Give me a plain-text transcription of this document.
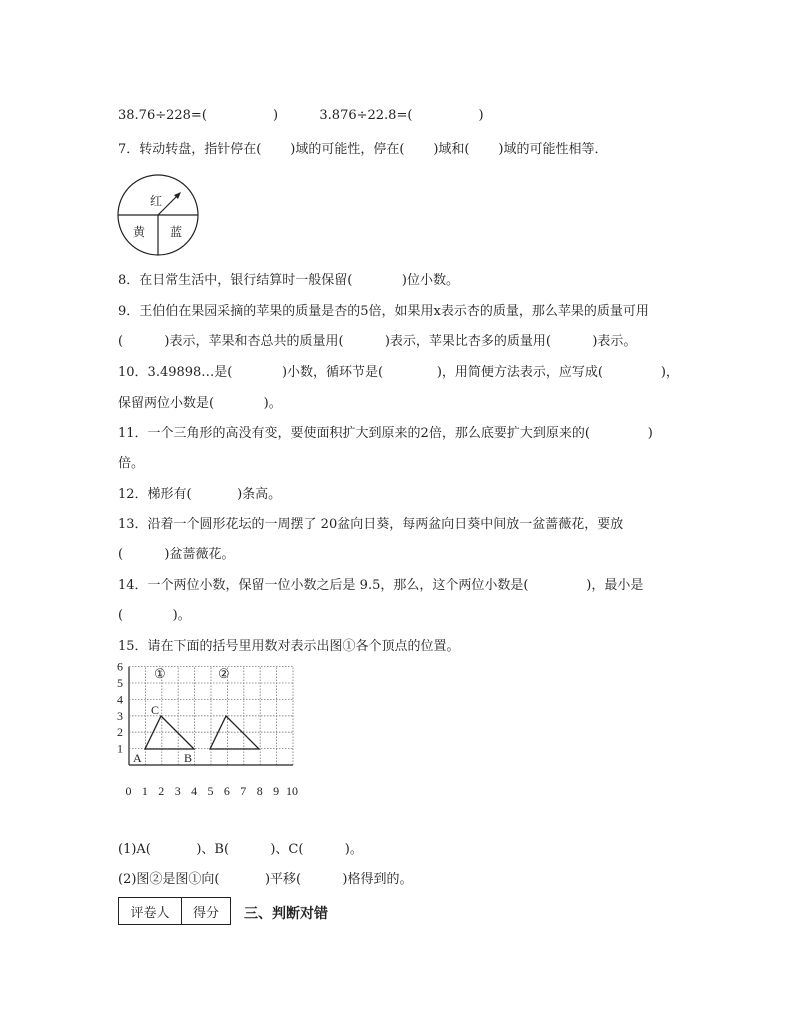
38.76÷228=(                )          3.876÷22.8=(                )
7．转动转盘，指针停在(       )域的可能性，停在(       )域和(       )域的可能性相等．
红
黄 蓝
8．在日常生活中，银行结算时一般保留(            )位小数。
9．王伯伯在果园采摘的苹果的质量是杏的5倍，如果用x表示杏的质量，那么苹果的质量可用
(          )表示，苹果和杏总共的质量用(          )表示，苹果比杏多的质量用(          )表示。
10．3.49898…是(            )小数，循环节是(             )，用简便方法表示，应写成(              )，
保留两位小数是(            )。
11．一个三角形的高没有变，要使面积扩大到原来的2倍，那么底要扩大到原来的(              )
倍。
12．梯形有(           )条高。
13．沿着一个圆形花坛的一周摆了 20盆向日葵，每两盆向日葵中间放一盆蔷薇花，要放
(          )盆蔷薇花。
14．一个两位小数，保留一位小数之后是 9.5，那么，这个两位小数是(              )，最小是
(            )。
15．请在下面的括号里用数对表示出图①各个顶点的位置。
①	②
A	B
C
0 1 2 3 4 5 6 7 8 9 10
1
2
3
4
5
6
(1)A(           )、B(          )、C(          )。
(2)图②是图①向(           )平移(          )格得到的。
评卷人	得分 三、判断对错
